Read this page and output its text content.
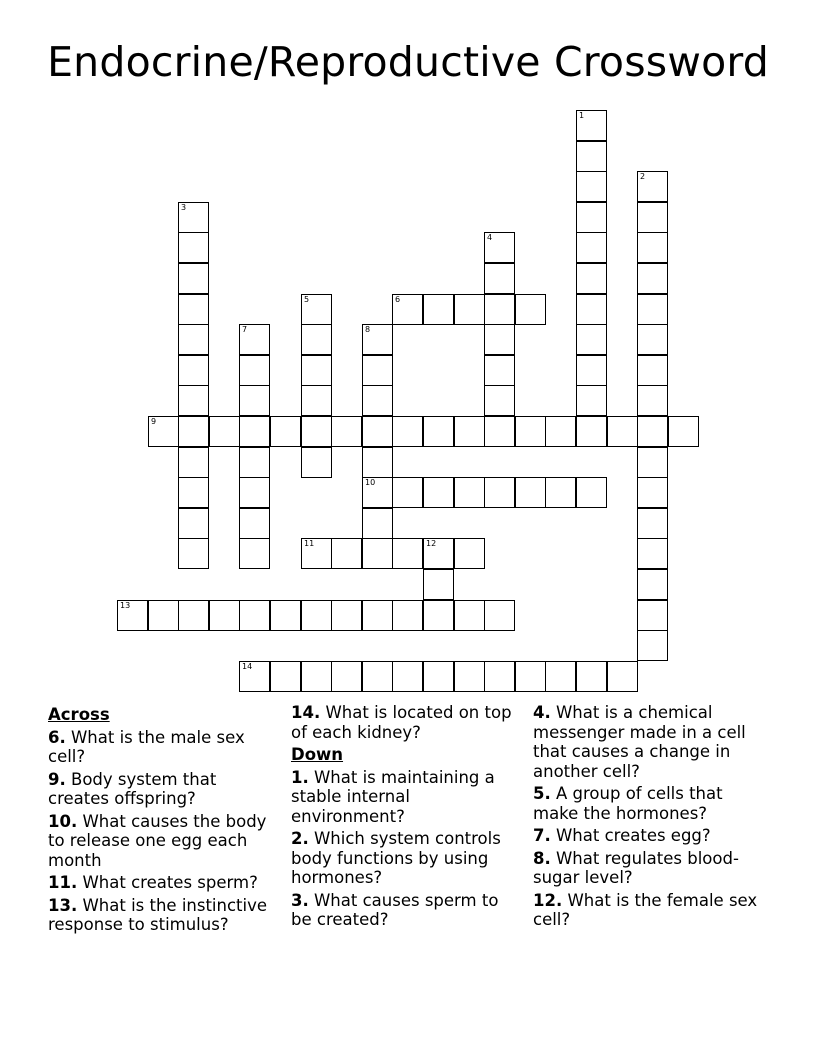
Endocrine/Reproductive Crossword
1
2
3
4
5	6
7	8
10
9
11	12
13
14
Across
6. What is the male sex cell?
9. Body system that creates offspring?
10. What causes the body to release one egg each month
11. What creates sperm?
13. What is the instinctive response to stimulus?
14. What is located on top of each kidney?
Down
1. What is maintaining a stable internal environment?
2. Which system controls body functions by using hormones?
3. What causes sperm to be created?
4. What is a chemical messenger made in a cell that causes a change in another cell?
5. A group of cells that make the hormones?
7. What creates egg?
8. What regulates blood-sugar level?
12. What is the female sex cell?
